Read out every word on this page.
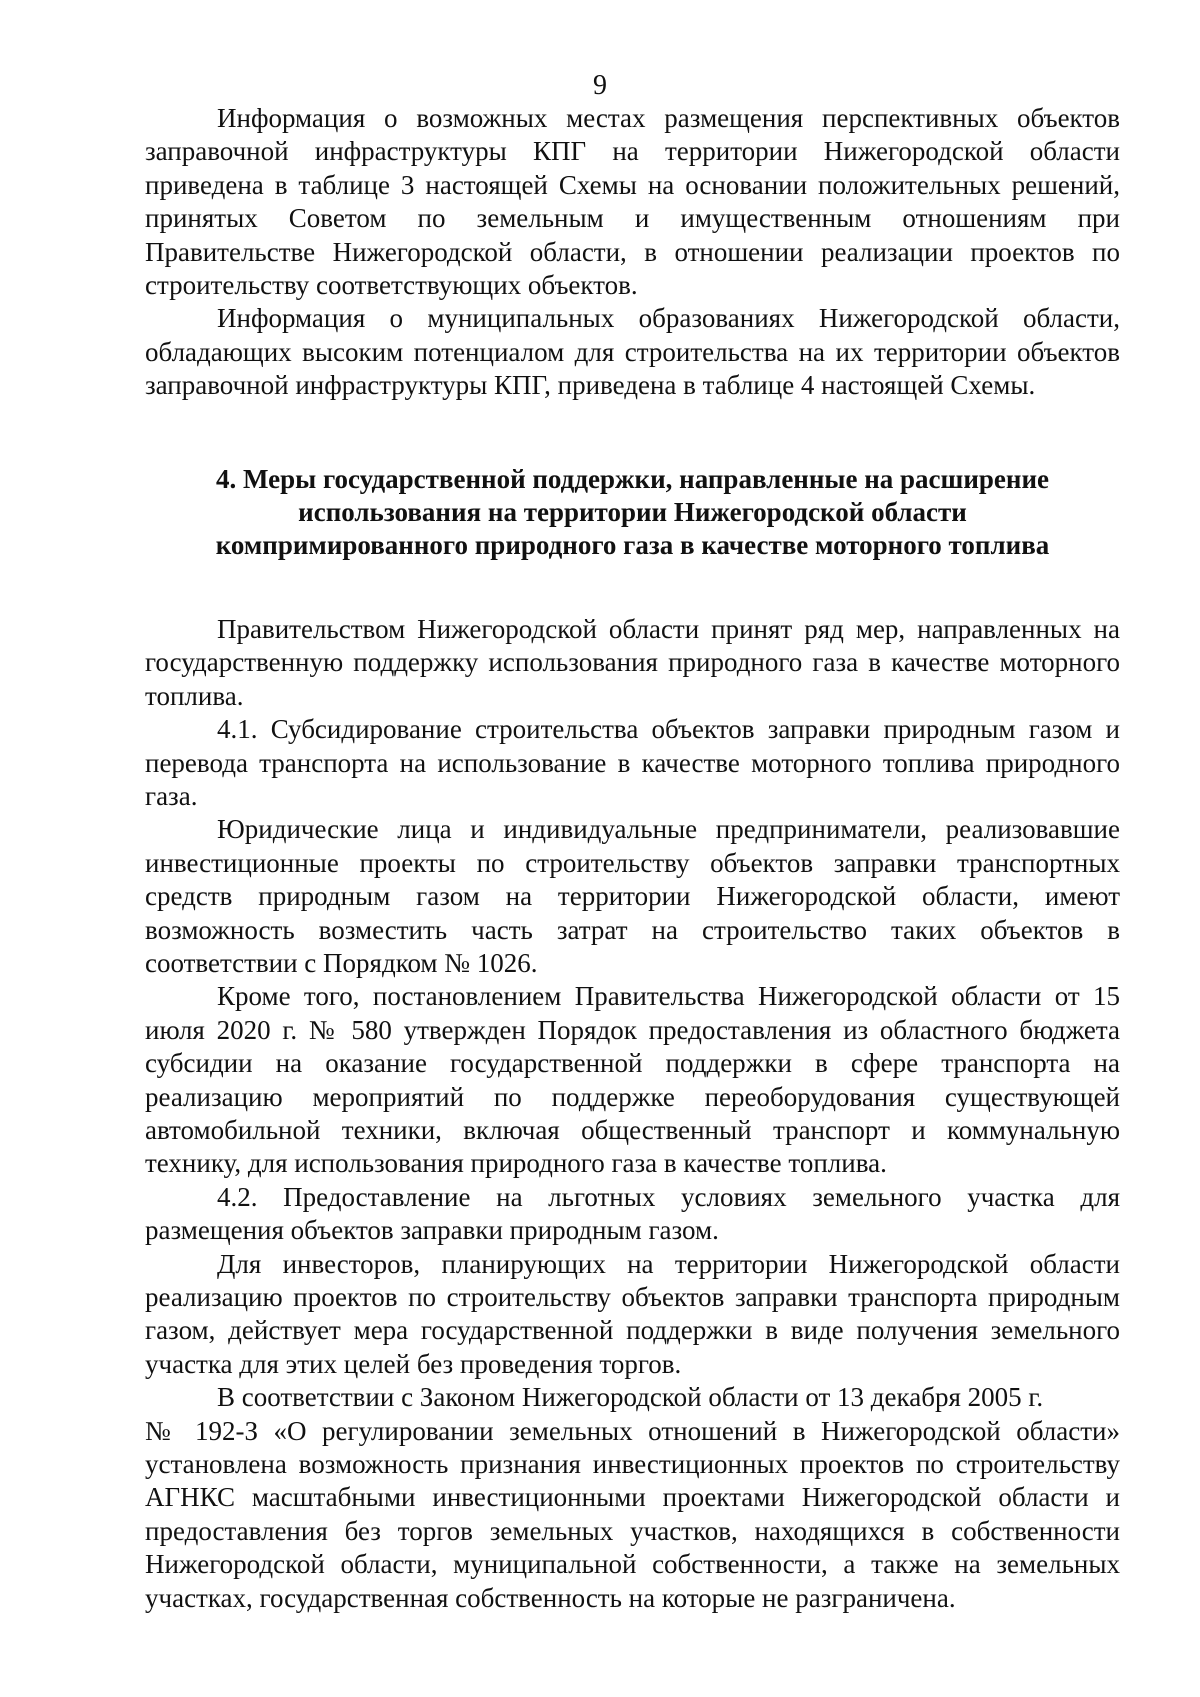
9

Информация о возможных местах размещения перспективных объектов заправочной инфраструктуры КПГ на территории Нижегородской области приведена в таблице 3 настоящей Схемы на основании положительных решений, принятых Советом по земельным и имущественным отношениям при Правительстве Нижегородской области, в отношении реализации проектов по строительству соответствующих объектов.

Информация о муниципальных образованиях Нижегородской области, обладающих высоким потенциалом для строительства на их территории объектов заправочной инфраструктуры КПГ, приведена в таблице 4 настоящей Схемы.

4. Меры государственной поддержки, направленные на расширение
использования на территории Нижегородской области
компримированного природного газа в качестве моторного топлива

Правительством Нижегородской области принят ряд мер, направленных на государственную поддержку использования природного газа в качестве моторного топлива.

4.1. Субсидирование строительства объектов заправки природным газом и перевода транспорта на использование в качестве моторного топлива природного газа.

Юридические лица и индивидуальные предприниматели, реализовавшие инвестиционные проекты по строительству объектов заправки транспортных средств природным газом на территории Нижегородской области, имеют возможность возместить часть затрат на строительство таких объектов в соответствии с Порядком № 1026.

Кроме того, постановлением Правительства Нижегородской области от 15 июля 2020 г. № 580 утвержден Порядок предоставления из областного бюджета субсидии на оказание государственной поддержки в сфере транспорта на реализацию мероприятий по поддержке переоборудования существующей автомобильной техники, включая общественный транспорт и коммунальную технику, для использования природного газа в качестве топлива.

4.2. Предоставление на льготных условиях земельного участка для размещения объектов заправки природным газом.

Для инвесторов, планирующих на территории Нижегородской области реализацию проектов по строительству объектов заправки транспорта природным газом, действует мера государственной поддержки в виде получения земельного участка для этих целей без проведения торгов.

В соответствии с Законом Нижегородской области от 13 декабря 2005 г.

№ 192-З «О регулировании земельных отношений в Нижегородской области» установлена возможность признания инвестиционных проектов по строительству АГНКС масштабными инвестиционными проектами Нижегородской области и предоставления без торгов земельных участков, находящихся в собственности Нижегородской области, муниципальной собственности, а также на земельных участках, государственная собственность на которые не разграничена.
